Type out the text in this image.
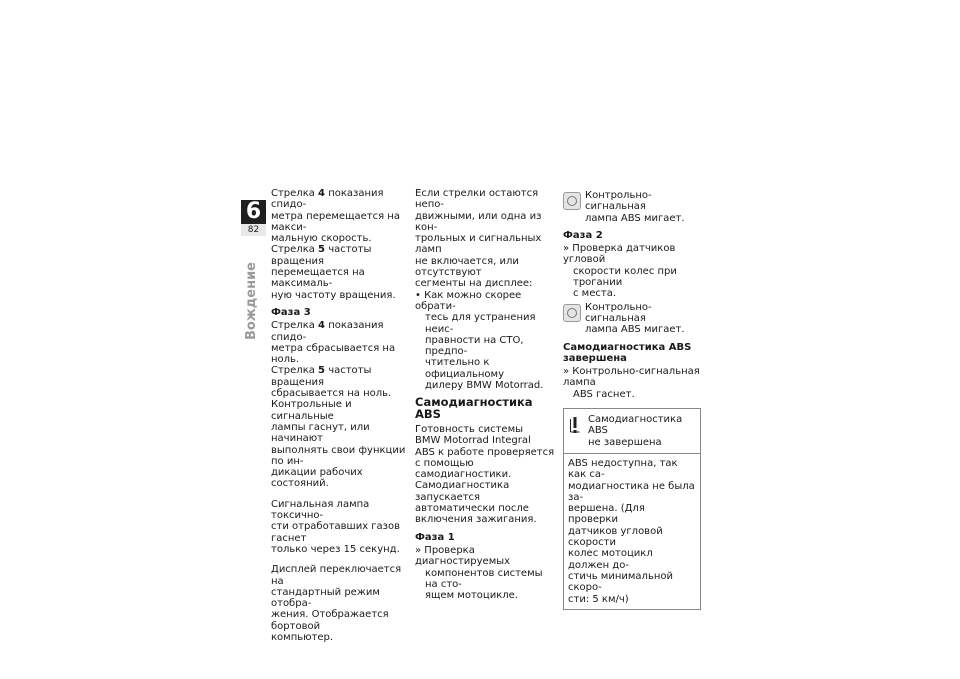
6
82
Вождение

Стрелка 4 показания спидо-

метра перемещается на макси-

мальную скорость.

Стрелка 5 частоты вращения

перемещается на максималь-

ную частоту вращения.

Фаза 3

Стрелка 4 показания спидо-

метра сбрасывается на ноль.

Стрелка 5 частоты вращения

сбрасывается на ноль.

Контрольные и сигнальные

лампы гаснут, или начинают

выполнять свои функции по ин-

дикации рабочих состояний.

Сигнальная лампа токсично-

сти отработавших газов гаснет

только через 15 секунд.

Дисплей переключается на

стандартный режим отобра-

жения. Отображается бортовой

компьютер.

Если стрелки остаются непо-

движными, или одна из кон-

трольных и сигнальных ламп

не включается, или отсутствуют

сегменты на дисплее:

• Как можно скорее обрати-

тесь для устранения неис-

правности на СТО, предпо-

чтительно к официальному

дилеру BMW Motorrad.

Самодиагностика ABS

Готовность системы

BMW Motorrad Integral

ABS к работе проверяется

с помощью самодиагностики.

Самодиагностика запускается

автоматически после

включения зажигания.

Фаза 1

» Проверка диагностируемых

компонентов системы на сто-

ящем мотоцикле.

Контрольно-сигнальная

лампа ABS мигает.

Фаза 2

» Проверка датчиков угловой

скорости колес при трогании

с места.

Контрольно-сигнальная

лампа ABS мигает.

Самодиагностика ABS

завершена

» Контрольно-сигнальная лампа

ABS гаснет.

Самодиагностика ABS

не завершена

ABS недоступна, так как са-

модиагностика не была за-

вершена. (Для проверки

датчиков угловой скорости

колес мотоцикл должен до-

стичь минимальной скоро-

сти: 5 км/ч)
